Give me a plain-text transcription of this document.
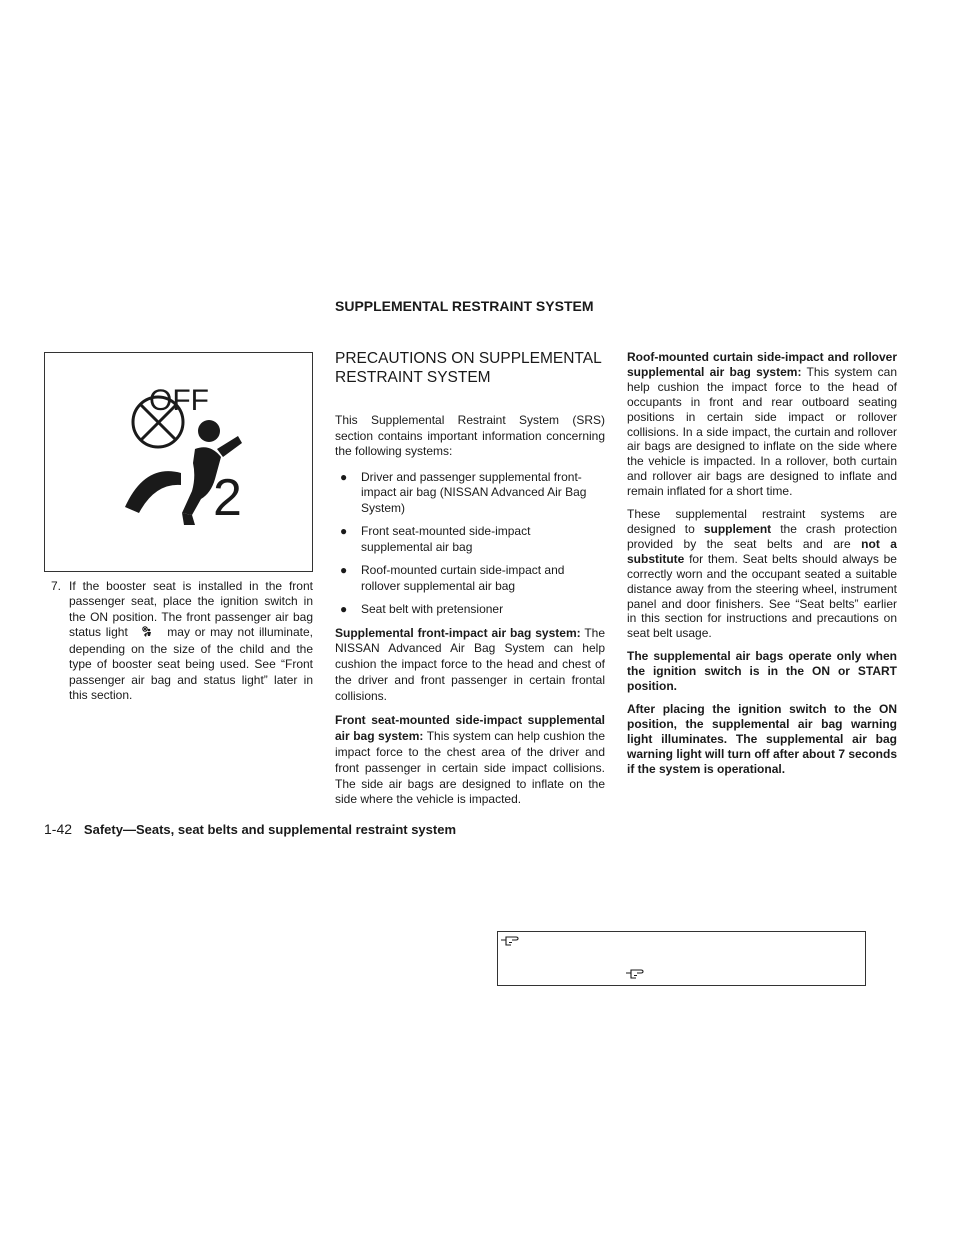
OFF
2
7. If the booster seat is installed in the front passenger seat, place the ignition switch in the ON position. The front passenger air bag status light	may or may not illuminate, depending on the size of the child and the type of booster seat being used. See “Front passenger air bag and status light” later in this section.

SUPPLEMENTAL RESTRAINT SYSTEM
PRECAUTIONS ON SUPPLEMENTAL RESTRAINT SYSTEM

This Supplemental Restraint System (SRS) section contains important information concerning the following systems:

● Driver and passenger supplemental front-impact air bag (NISSAN Advanced Air Bag System)
● Front seat-mounted side-impact supplemental air bag
● Roof-mounted curtain side-impact and rollover supplemental air bag
● Seat belt with pretensioner

Supplemental front-impact air bag system: The NISSAN Advanced Air Bag System can help cushion the impact force to the head and chest of the driver and front passenger in certain frontal collisions.

Front seat-mounted side-impact supplemental air bag system: This system can help cushion the impact force to the chest area of the driver and front passenger in certain side impact collisions. The side air bags are designed to inflate on the side where the vehicle is impacted.

Roof-mounted curtain side-impact and rollover supplemental air bag system: This system can help cushion the impact force to the head of occupants in front and rear outboard seating positions in certain side impact or rollover collisions. In a side impact, the curtain and rollover air bags are designed to inflate on the side where the vehicle is impacted. In a rollover, both curtain and rollover air bags are designed to inflate and remain inflated for a short time.

These supplemental restraint systems are designed to supplement the crash protection provided by the seat belts and are not a substitute for them. Seat belts should always be correctly worn and the occupant seated a suitable distance away from the steering wheel, instrument panel and door finishers. See “Seat belts” earlier in this section for instructions and precautions on seat belt usage.

The supplemental air bags operate only when the ignition switch is in the ON or START position.

After placing the ignition switch to the ON position, the supplemental air bag warning light illuminates. The supplemental air bag warning light will turn off after about 7 seconds if the system is operational.

1-42 Safety—Seats, seat belts and supplemental restraint system
